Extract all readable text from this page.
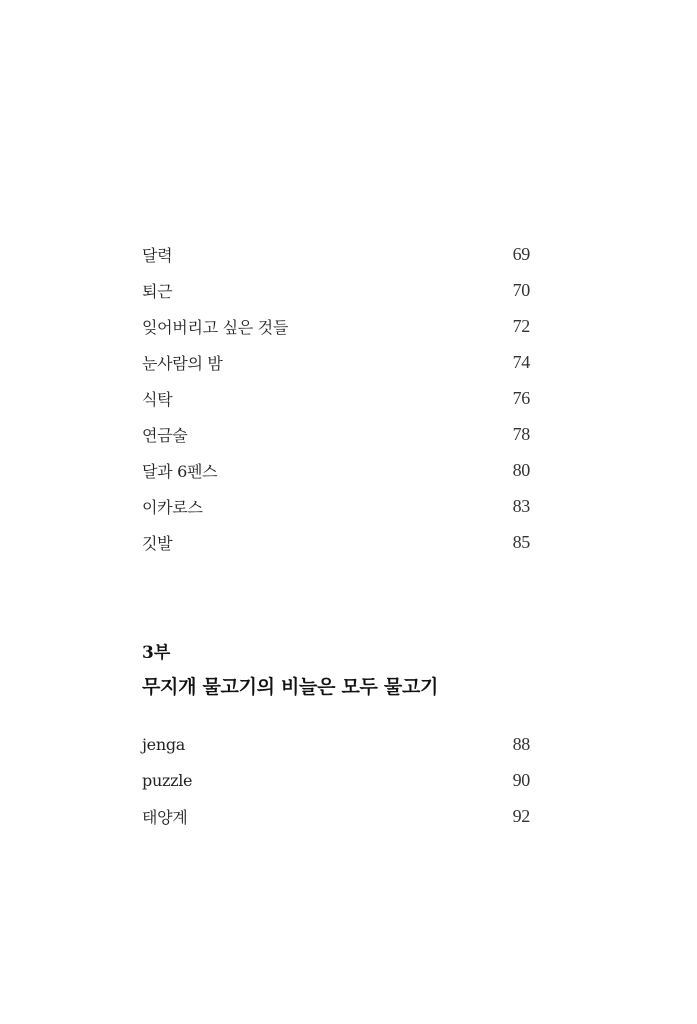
달력	69
퇴근	70
잊어버리고 싶은 것들	72
눈사람의 밤	74
식탁	76
연금술	78
달과 6펜스	80
이카로스	83
깃발	85
3부
무지개 물고기의 비늘은 모두 물고기
jenga	88
puzzle	90
태양계	92
